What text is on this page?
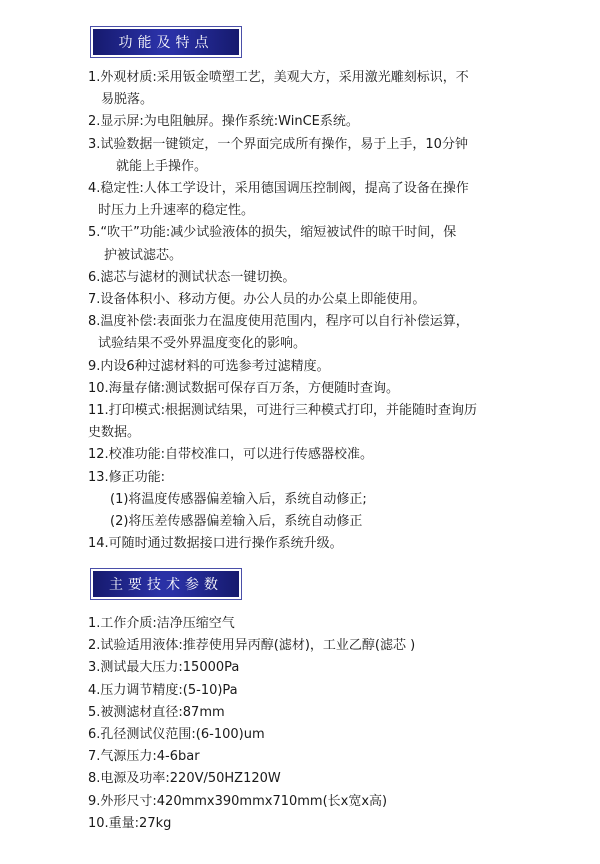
功能及特点
1.外观材质:采用钣金喷塑工艺，美观大方，采用激光雕刻标识，不
易脱落。
2.显示屏:为电阻触屏。操作系统:WinCE系统。
3.试验数据一键锁定，一个界面完成所有操作，易于上手，10分钟
就能上手操作。
4.稳定性:人体工学设计，采用德国调压控制阀，提高了设备在操作
时压力上升速率的稳定性。
5.“吹干”功能:减少试验液体的损失，缩短被试件的晾干时间，保
护被试滤芯。
6.滤芯与滤材的测试状态一键切换。
7.设备体积小、移动方便。办公人员的办公桌上即能使用。
8.温度补偿:表面张力在温度使用范围内，程序可以自行补偿运算，
试验结果不受外界温度变化的影响。
9.内设6种过滤材料的可选参考过滤精度。
10.海量存储:测试数据可保存百万条，方便随时查询。
11.打印模式:根据测试结果，可进行三种模式打印，并能随时查询历
史数据。
12.校准功能:自带校准口，可以进行传感器校准。
13.修正功能:
(1)将温度传感器偏差输入后，系统自动修正;
(2)将压差传感器偏差输入后，系统自动修正
14.可随时通过数据接口进行操作系统升级。
主要技术参数
1.工作介质:洁净压缩空气
2.试验适用液体:推荐使用异丙醇(滤材)，工业乙醇(滤芯 )
3.测试最大压力:15000Pa
4.压力调节精度:(5-10)Pa
5.被测滤材直径:87mm
6.孔径测试仪范围:(6-100)um
7.气源压力:4-6bar
8.电源及功率:220V/50HZ120W
9.外形尺寸:420mmx390mmx710mm(长x宽x高)
10.重量:27kg
